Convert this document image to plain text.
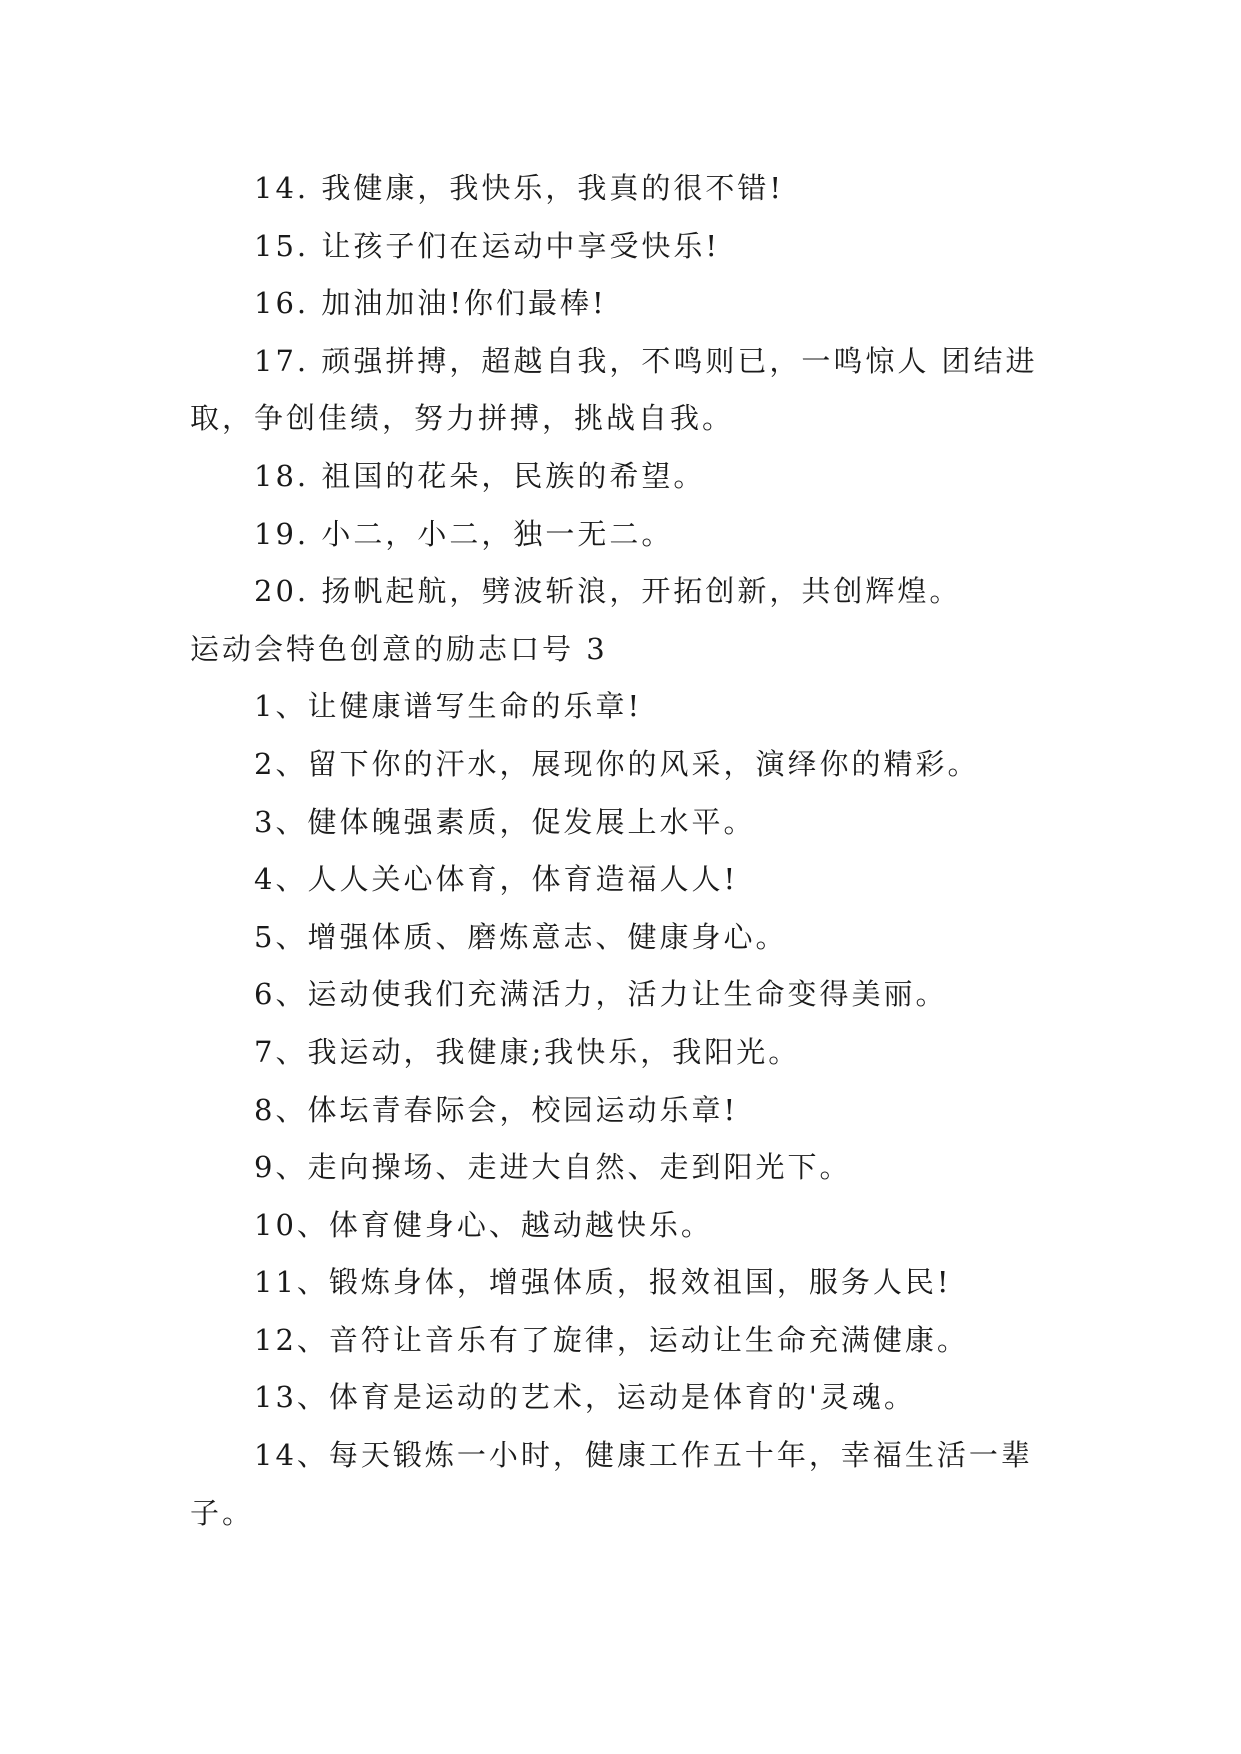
14. 我健康，我快乐，我真的很不错!

15. 让孩子们在运动中享受快乐!

16. 加油加油!你们最棒!

17. 顽强拼搏，超越自我，不鸣则已，一鸣惊人 团结进取，争创佳绩，努力拼搏，挑战自我。

18. 祖国的花朵，民族的希望。

19. 小二，小二，独一无二。

20. 扬帆起航，劈波斩浪，开拓创新，共创辉煌。

运动会特色创意的励志口号 3

1、让健康谱写生命的乐章!

2、留下你的汗水，展现你的风采，演绎你的精彩。

3、健体魄强素质，促发展上水平。

4、人人关心体育，体育造福人人!

5、增强体质、磨炼意志、健康身心。

6、运动使我们充满活力，活力让生命变得美丽。

7、我运动，我健康;我快乐，我阳光。

8、体坛青春际会，校园运动乐章!

9、走向操场、走进大自然、走到阳光下。

10、体育健身心、越动越快乐。

11、锻炼身体，增强体质，报效祖国，服务人民!

12、音符让音乐有了旋律，运动让生命充满健康。

13、体育是运动的艺术，运动是体育的'灵魂。

14、每天锻炼一小时，健康工作五十年，幸福生活一辈子。
